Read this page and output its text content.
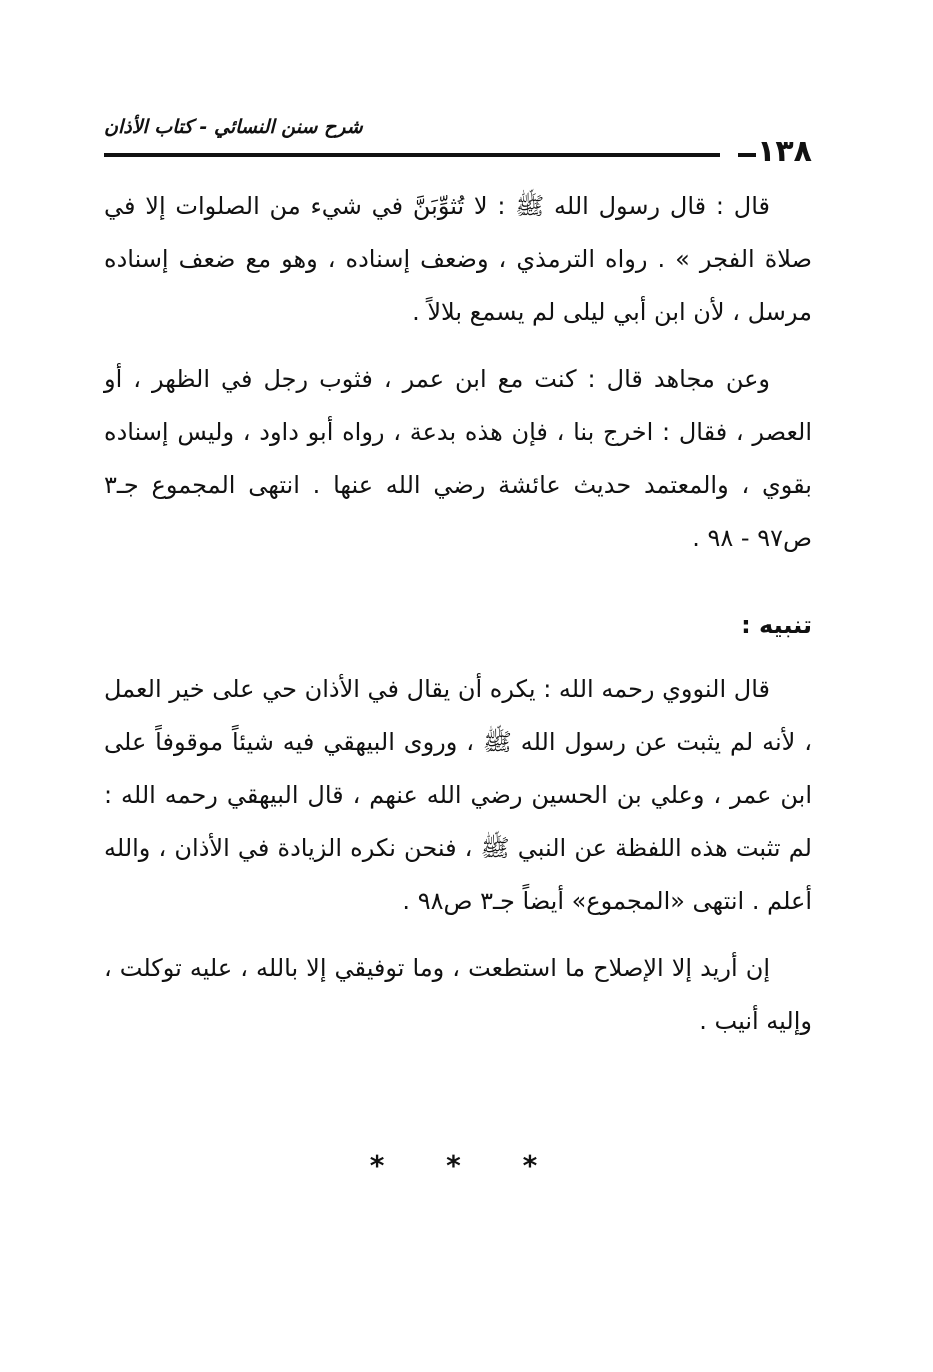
١٣٨
شرح سنن النسائي - كتاب الأذان

قال : قال رسول الله ﷺ : لا تُثوِّبَنَّ في شيء من الصلوات إلا في صلاة الفجر » . رواه الترمذي ، وضعف إسناده ، وهو مع ضعف إسناده مرسل ، لأن ابن أبي ليلى لم يسمع بلالاً .

وعن مجاهد قال : كنت مع ابن عمر ، فثوب رجل في الظهر ، أو العصر ، فقال : اخرج بنا ، فإن هذه بدعة ، رواه أبو داود ، وليس إسناده بقوي ، والمعتمد حديث عائشة رضي الله عنها . انتهى المجموع جـ٣ ص٩٧ - ٩٨ .

تنبيه :

قال النووي رحمه الله : يكره أن يقال في الأذان حي على خير العمل ، لأنه لم يثبت عن رسول الله ﷺ ، وروى البيهقي فيه شيئاً موقوفاً على ابن عمر ، وعلي بن الحسين رضي الله عنهم ، قال البيهقي رحمه الله : لم تثبت هذه اللفظة عن النبي ﷺ ، فنحن نكره الزيادة في الأذان ، والله أعلم . انتهى «المجموع» أيضاً جـ٣ ص٩٨ .

إن أريد إلا الإصلاح ما استطعت ، وما توفيقي إلا بالله ، عليه توكلت ، وإليه أنيب .

* * *
